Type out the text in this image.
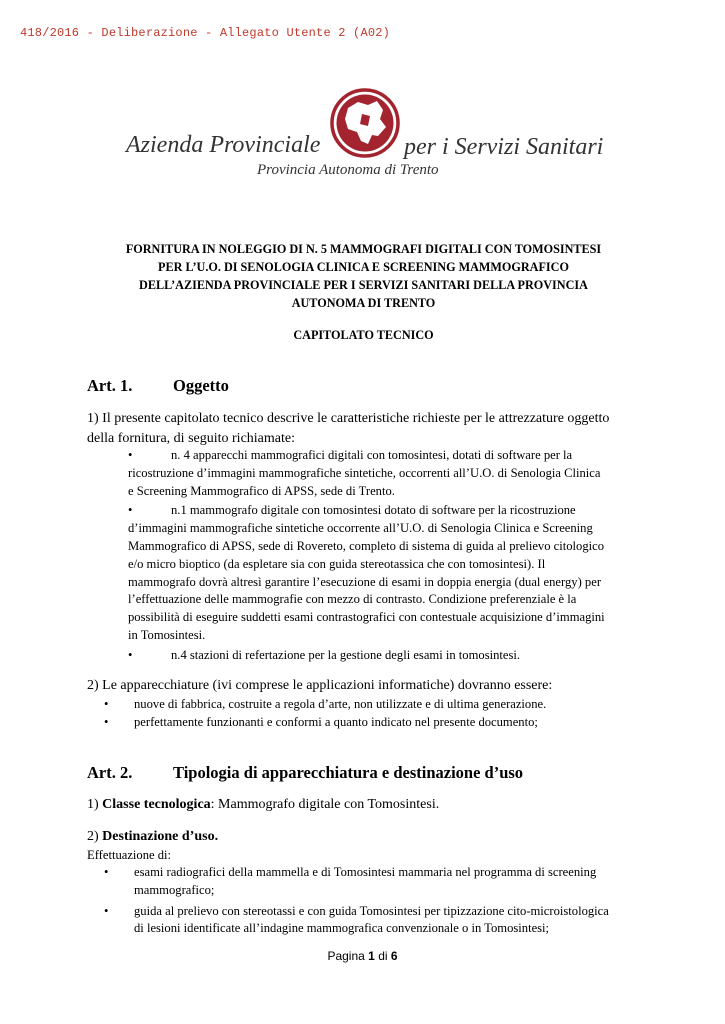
418/2016 - Deliberazione - Allegato Utente 2 (A02)
Azienda Provinciale	per i Servizi Sanitari
Provincia Autonoma di Trento

FORNITURA IN NOLEGGIO DI N. 5 MAMMOGRAFI DIGITALI CON TOMOSINTESI

PER L’U.O. DI SENOLOGIA CLINICA E SCREENING MAMMOGRAFICO

DELL’AZIENDA PROVINCIALE PER I SERVIZI SANITARI DELLA PROVINCIA

AUTONOMA DI TRENTO

CAPITOLATO TECNICO
Art. 1. Oggetto
1) Il presente capitolato tecnico descrive le caratteristiche richieste per le attrezzature oggetto
della fornitura, di seguito richiamate:
•	n. 4 apparecchi mammografici digitali con tomosintesi, dotati di software per la
ricostruzione d’immagini mammografiche sintetiche, occorrenti all’U.O. di Senologia Clinica
e Screening Mammografico di APSS, sede di Trento.
•	n.1 mammografo digitale con tomosintesi dotato di software per la ricostruzione
d’immagini mammografiche sintetiche occorrente all’U.O. di Senologia Clinica e Screening
Mammografico di APSS, sede di Rovereto, completo di sistema di guida al prelievo citologico
e/o micro bioptico (da espletare sia con guida stereotassica che con tomosintesi). Il
mammografo dovrà altresì garantire l’esecuzione di esami in doppia energia (dual energy) per
l’effettuazione delle mammografie con mezzo di contrasto. Condizione preferenziale è la
possibilità di eseguire suddetti esami contrastografici con contestuale acquisizione d’immagini
in Tomosintesi.
•	n.4 stazioni di refertazione per la gestione degli esami in tomosintesi.
2) Le apparecchiature (ivi comprese le applicazioni informatiche) dovranno essere:
• nuove di fabbrica, costruite a regola d’arte, non utilizzate e di ultima generazione.
• perfettamente funzionanti e conformi a quanto indicato nel presente documento;
Art. 2. Tipologia di apparecchiatura e destinazione d’uso
1) Classe tecnologica: Mammografo digitale con Tomosintesi.
2) Destinazione d’uso.
Effettuazione di:
• esami radiografici della mammella e di Tomosintesi mammaria nel programma di screening
mammografico;
• guida al prelievo con stereotassi e con guida Tomosintesi per tipizzazione cito-microistologica
di lesioni identificate all’indagine mammografica convenzionale o in Tomosintesi;
Pagina 1 di 6
